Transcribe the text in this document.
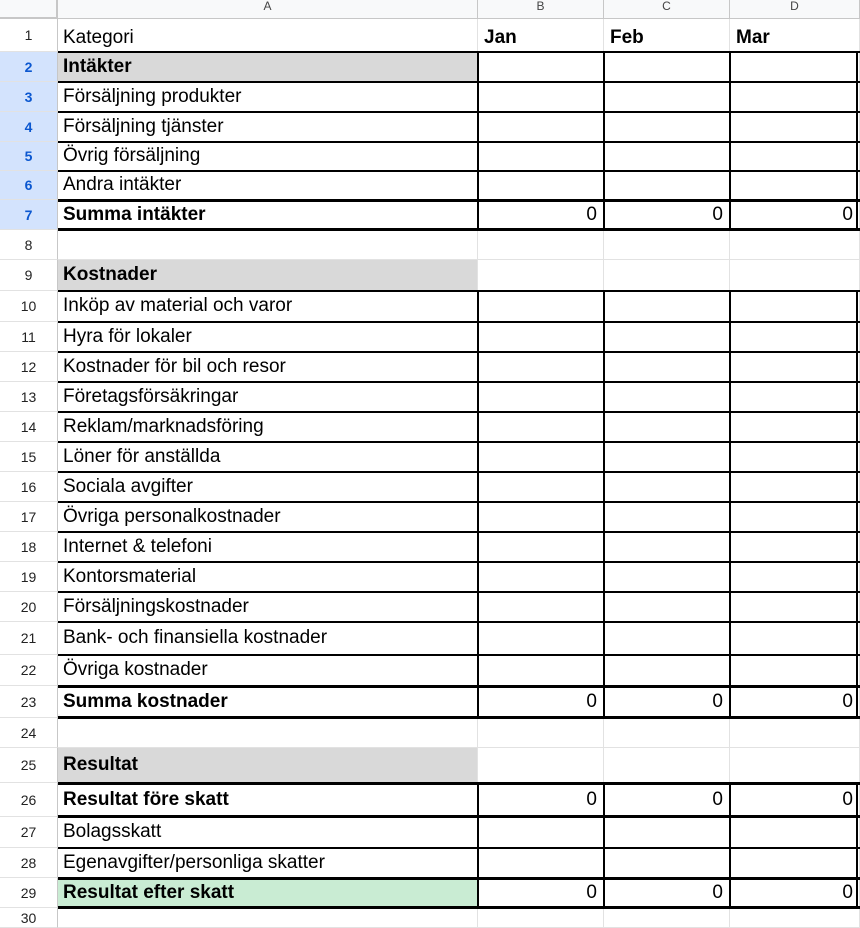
A	B	C	D
1	Kategori	Jan	Feb	Mar
2	Intäkter
3	Försäljning produkter
4	Försäljning tjänster
5	Övrig försäljning
6	Andra intäkter
7	Summa intäkter	0	0	0
8
9	Kostnader
10	Inköp av material och varor
11	Hyra för lokaler
12	Kostnader för bil och resor
13	Företagsförsäkringar
14	Reklam/marknadsföring
15	Löner för anställda
16	Sociala avgifter
17	Övriga personalkostnader
18	Internet & telefoni
19	Kontorsmaterial
20	Försäljningskostnader
21	Bank- och finansiella kostnader
22	Övriga kostnader
23	Summa kostnader	0	0	0
24
25	Resultat
26	Resultat före skatt	0	0	0
27	Bolagsskatt
28	Egenavgifter/personliga skatter
29	Resultat efter skatt	0	0	0
30
